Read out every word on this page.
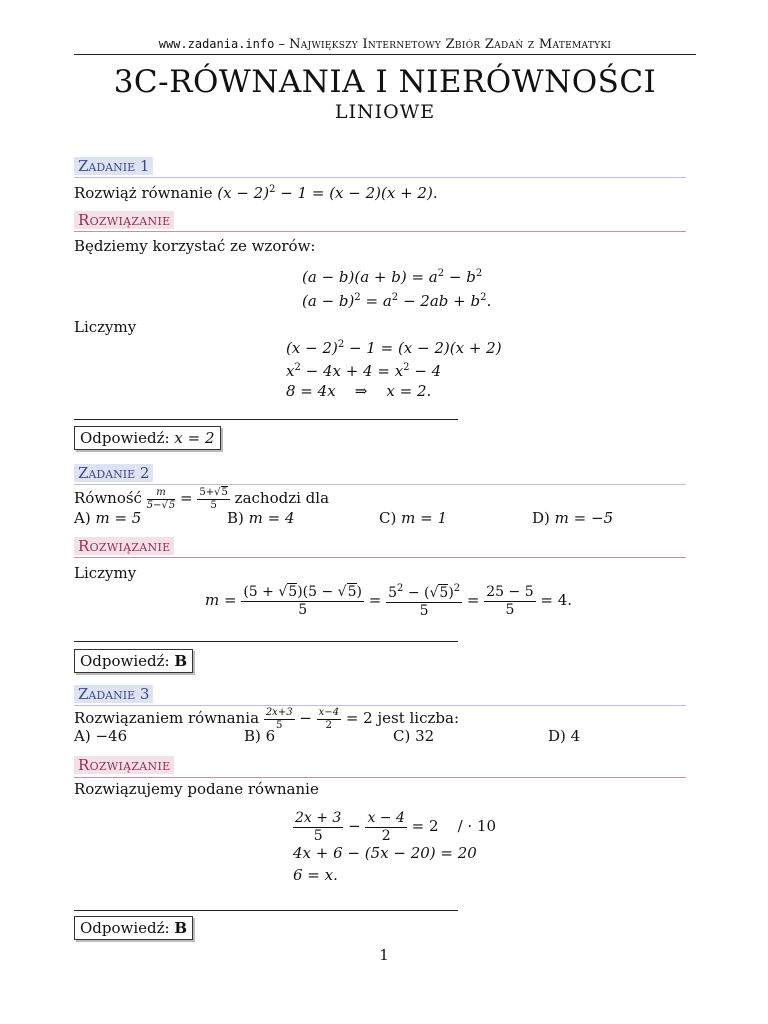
www.zadania.info – Największy Internetowy Zbiór Zadań z Matematyki
3C-RÓWNANIA I NIERÓWNOŚCI
LINIOWE
Zadanie 1
Rozwiąż równanie $(x - 2)^2 - 1 = (x - 2)(x + 2)$.
Rozwiązanie
Będziemy korzystać ze wzorów:
$(a - b)(a + b) = a^2 - b^2$
$(a - b)^2 = a^2 - 2ab + b^2$.
Liczymy
$(x - 2)^2 - 1 = (x - 2)(x + 2)$
$x^2 - 4x + 4 = x^2 - 4$
8 = 4x    ⇒    x = 2.
Odpowiedź: x = 2
Zadanie 2
Równość $\frac{m}{5-√5} = \frac{5+√5}{5}$ zachodzi dla
A) m = 5	B) m = 4	C) m = 1	D) m = −5
Rozwiązanie
Liczymy
$m = \frac{(5 + √5)(5 - √5)}{5} = \frac{5^2 - (√5)^2}{5} = \frac{25 - 5}{5} = 4$.
Odpowiedź: B
Zadanie 3
Rozwiązaniem równania $\frac{2x+3}{5} - \frac{x-4}{2} = 2$ jest liczba:
A) −46	B) 6	C) 32	D) 4
Rozwiązanie
Rozwiązujemy podane równanie
$\frac{2x + 3}{5} - \frac{x - 4}{2} = 2$    / · 10
4x + 6 − (5x − 20) = 20
6 = x.
Odpowiedź: B
1
